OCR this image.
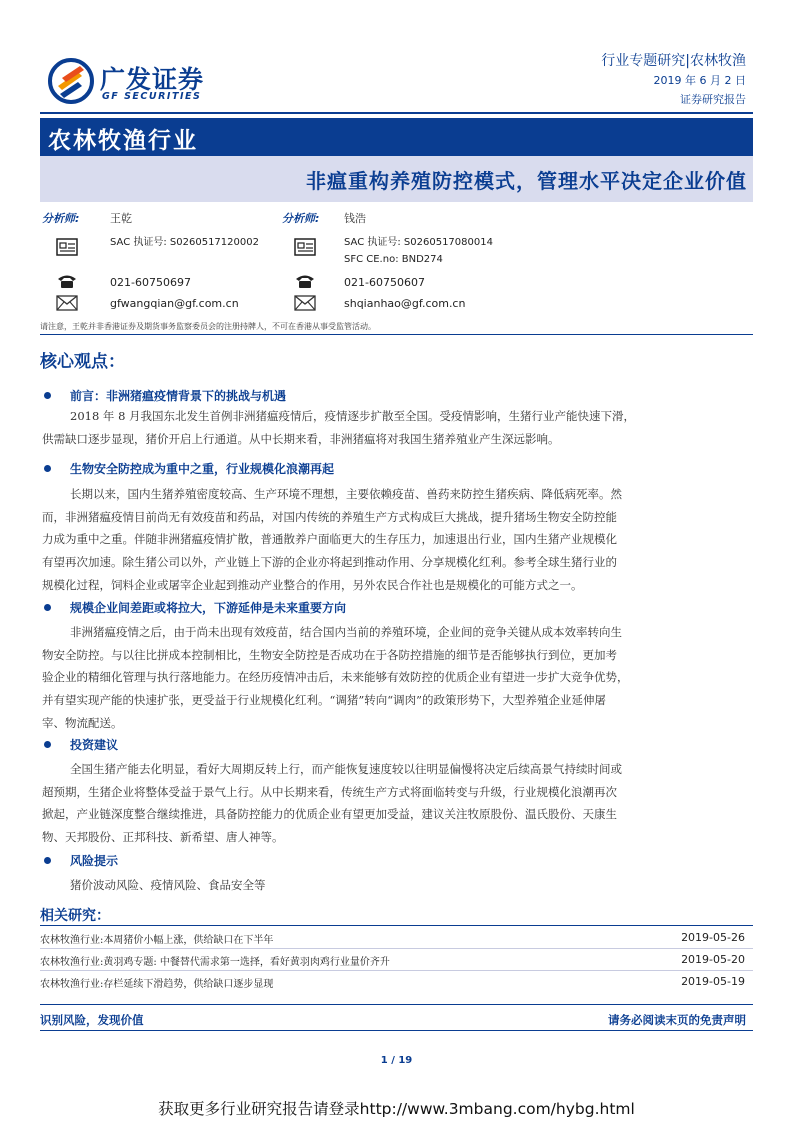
广发证券
GF SECURITIES
行业专题研究|农林牧渔
2019 年 6 月 2 日
证券研究报告
农林牧渔行业
非瘟重构养殖防控模式，管理水平决定企业价值
分析师:	王乾
SAC 执证号: S0260517120002
021-60750697
gfwangqian@gf.com.cn
分析师: 钱浩
SAC 执证号: S0260517080014
SFC CE.no: BND274
021-60750607
shqianhao@gf.com.cn
请注意，王乾并非香港证券及期货事务监察委员会的注册持牌人，不可在香港从事受监管活动。
核心观点：
前言：非洲猪瘟疫情背景下的挑战与机遇
2018 年 8 月我国东北发生首例非洲猪瘟疫情后，疫情逐步扩散至全国。受疫情影响，生猪行业产能快速下滑，
供需缺口逐步显现，猪价开启上行通道。从中长期来看，非洲猪瘟将对我国生猪养殖业产生深远影响。
生物安全防控成为重中之重，行业规模化浪潮再起
长期以来，国内生猪养殖密度较高、生产环境不理想，主要依赖疫苗、兽药来防控生猪疾病、降低病死率。然
而，非洲猪瘟疫情目前尚无有效疫苗和药品，对国内传统的养殖生产方式构成巨大挑战，提升猪场生物安全防控能
力成为重中之重。伴随非洲猪瘟疫情扩散，普通散养户面临更大的生存压力，加速退出行业，国内生猪产业规模化
有望再次加速。除生猪公司以外，产业链上下游的企业亦将起到推动作用、分享规模化红利。参考全球生猪行业的
规模化过程，饲料企业或屠宰企业起到推动产业整合的作用，另外农民合作社也是规模化的可能方式之一。
规模企业间差距或将拉大，下游延伸是未来重要方向
非洲猪瘟疫情之后，由于尚未出现有效疫苗，结合国内当前的养殖环境，企业间的竞争关键从成本效率转向生
物安全防控。与以往比拼成本控制相比，生物安全防控是否成功在于各防控措施的细节是否能够执行到位，更加考
验企业的精细化管理与执行落地能力。在经历疫情冲击后，未来能够有效防控的优质企业有望进一步扩大竞争优势，
并有望实现产能的快速扩张，更受益于行业规模化红利。“调猪”转向“调肉”的政策形势下，大型养殖企业延伸屠
宰、物流配送。
投资建议
全国生猪产能去化明显，看好大周期反转上行，而产能恢复速度较以往明显偏慢将决定后续高景气持续时间或
超预期，生猪企业将整体受益于景气上行。从中长期来看，传统生产方式将面临转变与升级，行业规模化浪潮再次
掀起，产业链深度整合继续推进，具备防控能力的优质企业有望更加受益，建议关注牧原股份、温氏股份、天康生
物、天邦股份、正邦科技、新希望、唐人神等。
风险提示
猪价波动风险、疫情风险、食品安全等
相关研究：
农林牧渔行业:本周猪价小幅上涨，供给缺口在下半年	2019-05-26
农林牧渔行业:黄羽鸡专题: 中餐替代需求第一选择，看好黄羽肉鸡行业量价齐升	2019-05-20
农林牧渔行业:存栏延续下滑趋势，供给缺口逐步显现	2019-05-19
识别风险，发现价值	请务必阅读末页的免责声明
1 / 19
获取更多行业研究报告请登录http://www.3mbang.com/hybg.html
